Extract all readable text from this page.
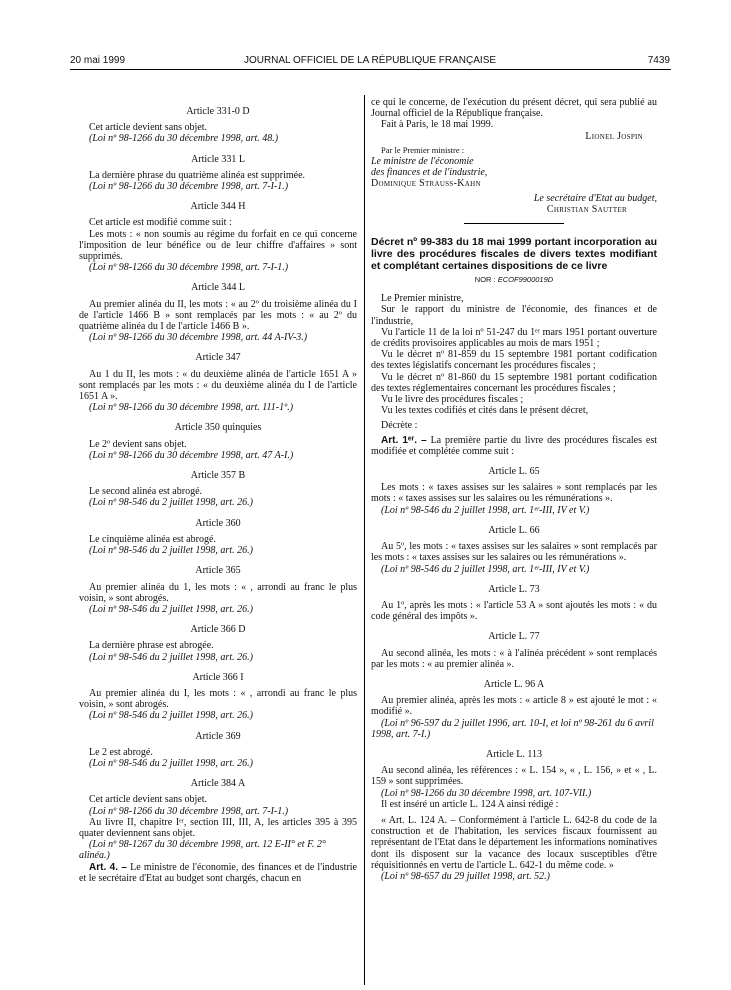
20 mai 1999	JOURNAL OFFICIEL DE LA RÉPUBLIQUE FRANÇAISE	7439
Article 331-0 D

Cet article devient sans objet.

(Loi nº 98-1266 du 30 décembre 1998, art. 48.)

Article 331 L

La dernière phrase du quatrième alinéa est supprimée.

(Loi nº 98-1266 du 30 décembre 1998, art. 7-I-1.)

Article 344 H

Cet article est modifié comme suit :

Les mots : « non soumis au régime du forfait en ce qui concerne l'imposition de leur bénéfice ou de leur chiffre d'affaires » sont supprimés.

(Loi nº 98-1266 du 30 décembre 1998, art. 7-I-1.)

Article 344 L

Au premier alinéa du II, les mots : « au 2º du troisième alinéa du I de l'article 1466 B » sont remplacés par les mots : « au 2º du quatrième alinéa du I de l'article 1466 B ».

(Loi nº 98-1266 du 30 décembre 1998, art. 44 A-IV-3.)

Article 347

Au 1 du II, les mots : « du deuxième alinéa de l'article 1651 A » sont remplacés par les mots : « du deuxième alinéa du I de l'article 1651 A ».

(Loi nº 98-1266 du 30 décembre 1998, art. 111-1º.)

Article 350 quinquies

Le 2º devient sans objet.

(Loi nº 98-1266 du 30 décembre 1998, art. 47 A-I.)

Article 357 B

Le second alinéa est abrogé.

(Loi nº 98-546 du 2 juillet 1998, art. 26.)

Article 360

Le cinquième alinéa est abrogé.

(Loi nº 98-546 du 2 juillet 1998, art. 26.)

Article 365

Au premier alinéa du 1, les mots : « , arrondi au franc le plus voisin, » sont abrogés.

(Loi nº 98-546 du 2 juillet 1998, art. 26.)

Article 366 D

La dernière phrase est abrogée.

(Loi nº 98-546 du 2 juillet 1998, art. 26.)

Article 366 I

Au premier alinéa du I, les mots : « , arrondi au franc le plus voisin, » sont abrogés.

(Loi nº 98-546 du 2 juillet 1998, art. 26.)

Article 369

Le 2 est abrogé.

(Loi nº 98-546 du 2 juillet 1998, art. 26.)

Article 384 A

Cet article devient sans objet.

(Loi nº 98-1266 du 30 décembre 1998, art. 7-I-1.)

Au livre II, chapitre Iᵉʳ, section III, III, A, les articles 395 à 395 quater deviennent sans objet.

(Loi nº 98-1267 du 30 décembre 1998, art. 12 E-II° et F. 2° alinéa.)

Art. 4. – Le ministre de l'économie, des finances et de l'industrie et le secrétaire d'Etat au budget sont chargés, chacun en

ce qui le concerne, de l'exécution du présent décret, qui sera publié au Journal officiel de la République française.

Fait à Paris, le 18 mai 1999.

Lionel Jospin

Par le Premier ministre :

Le ministre de l'économie

des finances et de l'industrie,

Dominique Strauss-Kahn

Le secrétaire d'Etat au budget,

Christian Sautter

Décret nº 99-383 du 18 mai 1999 portant incorporation au livre des procédures fiscales de divers textes modifiant et complétant certaines dispositions de ce livre

NOR : ECOF9900019D

Le Premier ministre,

Sur le rapport du ministre de l'économie, des finances et de l'industrie,

Vu l'article 11 de la loi nº 51-247 du 1ᵉʳ mars 1951 portant ouverture de crédits provisoires applicables au mois de mars 1951 ;

Vu le décret nº 81-859 du 15 septembre 1981 portant codification des textes législatifs concernant les procédures fiscales ;

Vu le décret nº 81-860 du 15 septembre 1981 portant codification des textes réglementaires concernant les procédures fiscales ;

Vu le livre des procédures fiscales ;

Vu les textes codifiés et cités dans le présent décret,

Décrète :

Art. 1ᵉʳ. – La première partie du livre des procédures fiscales est modifiée et complétée comme suit :

Article L. 65

Les mots : « taxes assises sur les salaires » sont remplacés par les mots : « taxes assises sur les salaires ou les rémunérations ».

(Loi nº 98-546 du 2 juillet 1998, art. 1ᵉʳ-III, IV et V.)

Article L. 66

Au 5º, les mots : « taxes assises sur les salaires » sont remplacés par les mots : « taxes assises sur les salaires ou les rémunérations ».

(Loi nº 98-546 du 2 juillet 1998, art. 1ᵉʳ-III, IV et V.)

Article L. 73

Au 1º, après les mots : « l'article 53 A » sont ajoutés les mots : « du code général des impôts ».

Article L. 77

Au second alinéa, les mots : « à l'alinéa précédent » sont remplacés par les mots : « au premier alinéa ».

Article L. 96 A

Au premier alinéa, après les mots : « article 8 » est ajouté le mot : « modifié ».

(Loi nº 96-597 du 2 juillet 1996, art. 10-I, et loi nº 98-261 du 6 avril 1998, art. 7-I.)

Article L. 113

Au second alinéa, les références : « L. 154 », « , L. 156, » et « , L. 159 » sont supprimées.

(Loi nº 98-1266 du 30 décembre 1998, art. 107-VII.)

Il est inséré un article L. 124 A ainsi rédigé :

« Art. L. 124 A. – Conformément à l'article L. 642-8 du code de la construction et de l'habitation, les services fiscaux fournissent au représentant de l'Etat dans le département les informations nominatives dont ils disposent sur la vacance des locaux susceptibles d'être réquisitionnés en vertu de l'article L. 642-1 du même code. »

(Loi nº 98-657 du 29 juillet 1998, art. 52.)
